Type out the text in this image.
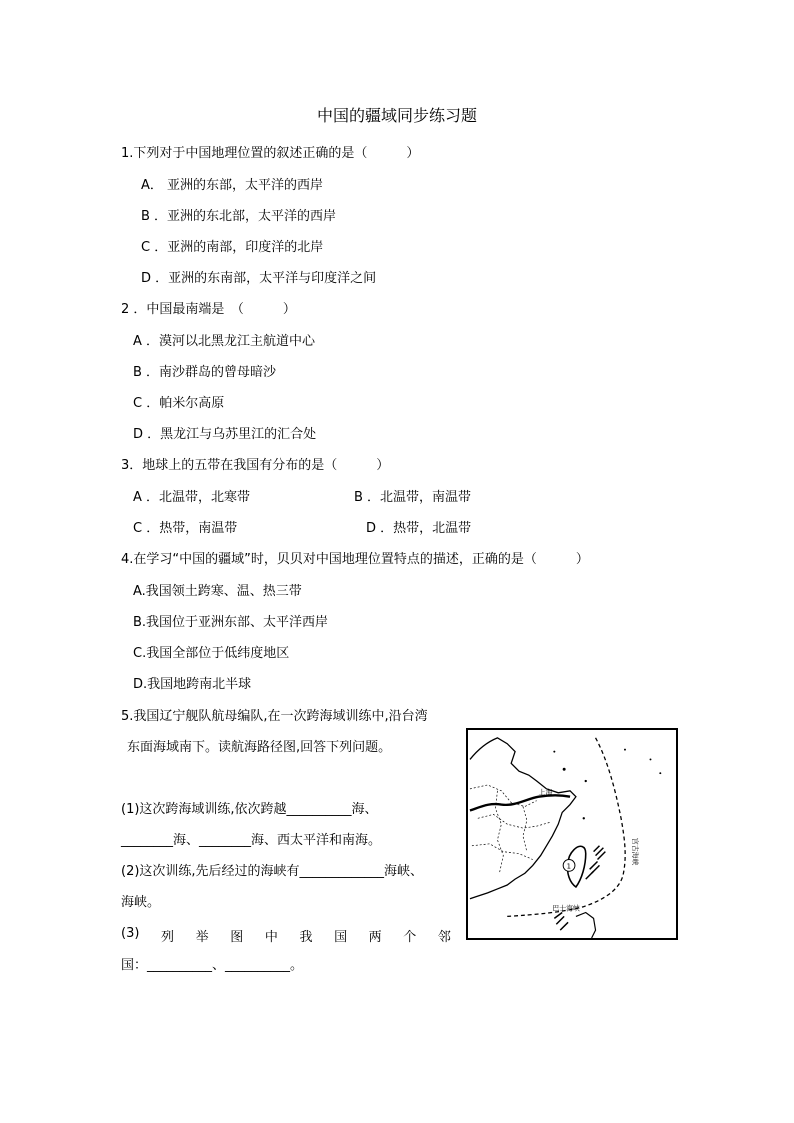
中国的疆域同步练习题
1.下列对于中国地理位置的叙述正确的是（　　　）
A． 亚洲的东部，太平洋的西岸
B ．亚洲的东北部，太平洋的西岸
C ．亚洲的南部，印度洋的北岸
D ．亚洲的东南部，太平洋与印度洋之间
2 ．中国最南端是　（　　　）
A ．漠河以北黑龙江主航道中心
B ．南沙群岛的曾母暗沙
C ．帕米尔高原
D ．黑龙江与乌苏里江的汇合处
3．地球上的五带在我国有分布的是（　　　）
A ．北温带，北寒带	B ．北温带，南温带
C ．热带，南温带	D ．热带，北温带
4.在学习“中国的疆域”时，贝贝对中国地理位置特点的描述，正确的是（　　　）
A.我国领土跨寒、温、热三带
B.我国位于亚洲东部、太平洋西岸
C.我国全部位于低纬度地区
D.我国地跨南北半球
5.我国辽宁舰队航母编队,在一次跨海域训练中,沿台湾
东面海域南下。读航海路径图,回答下列问题。
(1)这次跨海域训练,依次跨越__________海、
________海、________海、西太平洋和南海。
(2)这次训练,先后经过的海峡有_____________海峡、
海峡。
(3) 列 举 图 中 我 国 两 个 邻
国：__________、__________。
1
上海
宫古海峡
巴士海峡
